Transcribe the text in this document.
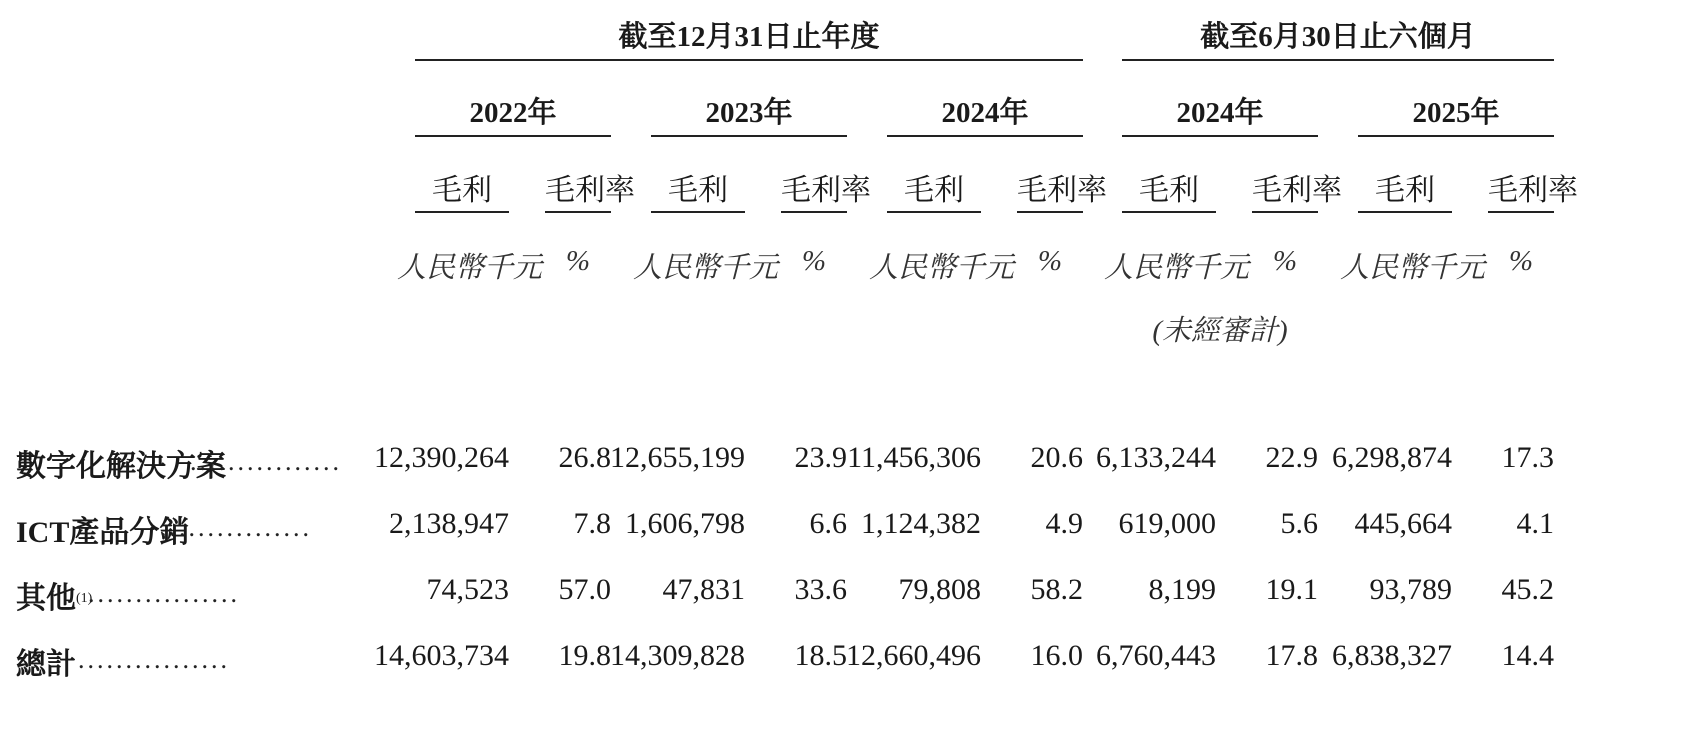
截至12月31日止年度	截至6月30日止六個月
2022年	2023年	2024年	2024年	2025年
毛利	毛利率	毛利	毛利率	毛利	毛利率	毛利	毛利率	毛利	毛利率
人民幣千元 %	人民幣千元 %	人民幣千元 %	人民幣千元 %	人民幣千元 %
(未經審計)
數字化解決方案
................	12,390,264	26.8 12,655,199	23.9 11,456,306	20.6 6,133,244	22.9 6,298,874	17.3
ICT產品分銷
................	2,138,947	7.8 1,606,798	6.6 1,124,382	4.9	619,000	5.6	445,664	4.1
其他$^{(1)}$
................	74,523	57.0	47,831	33.6	79,808	58.2	8,199	19.1	93,789	45.2
總計 ................	14,603,734	19.8 14,309,828	18.5 12,660,496	16.0 6,760,443	17.8 6,838,327	14.4
